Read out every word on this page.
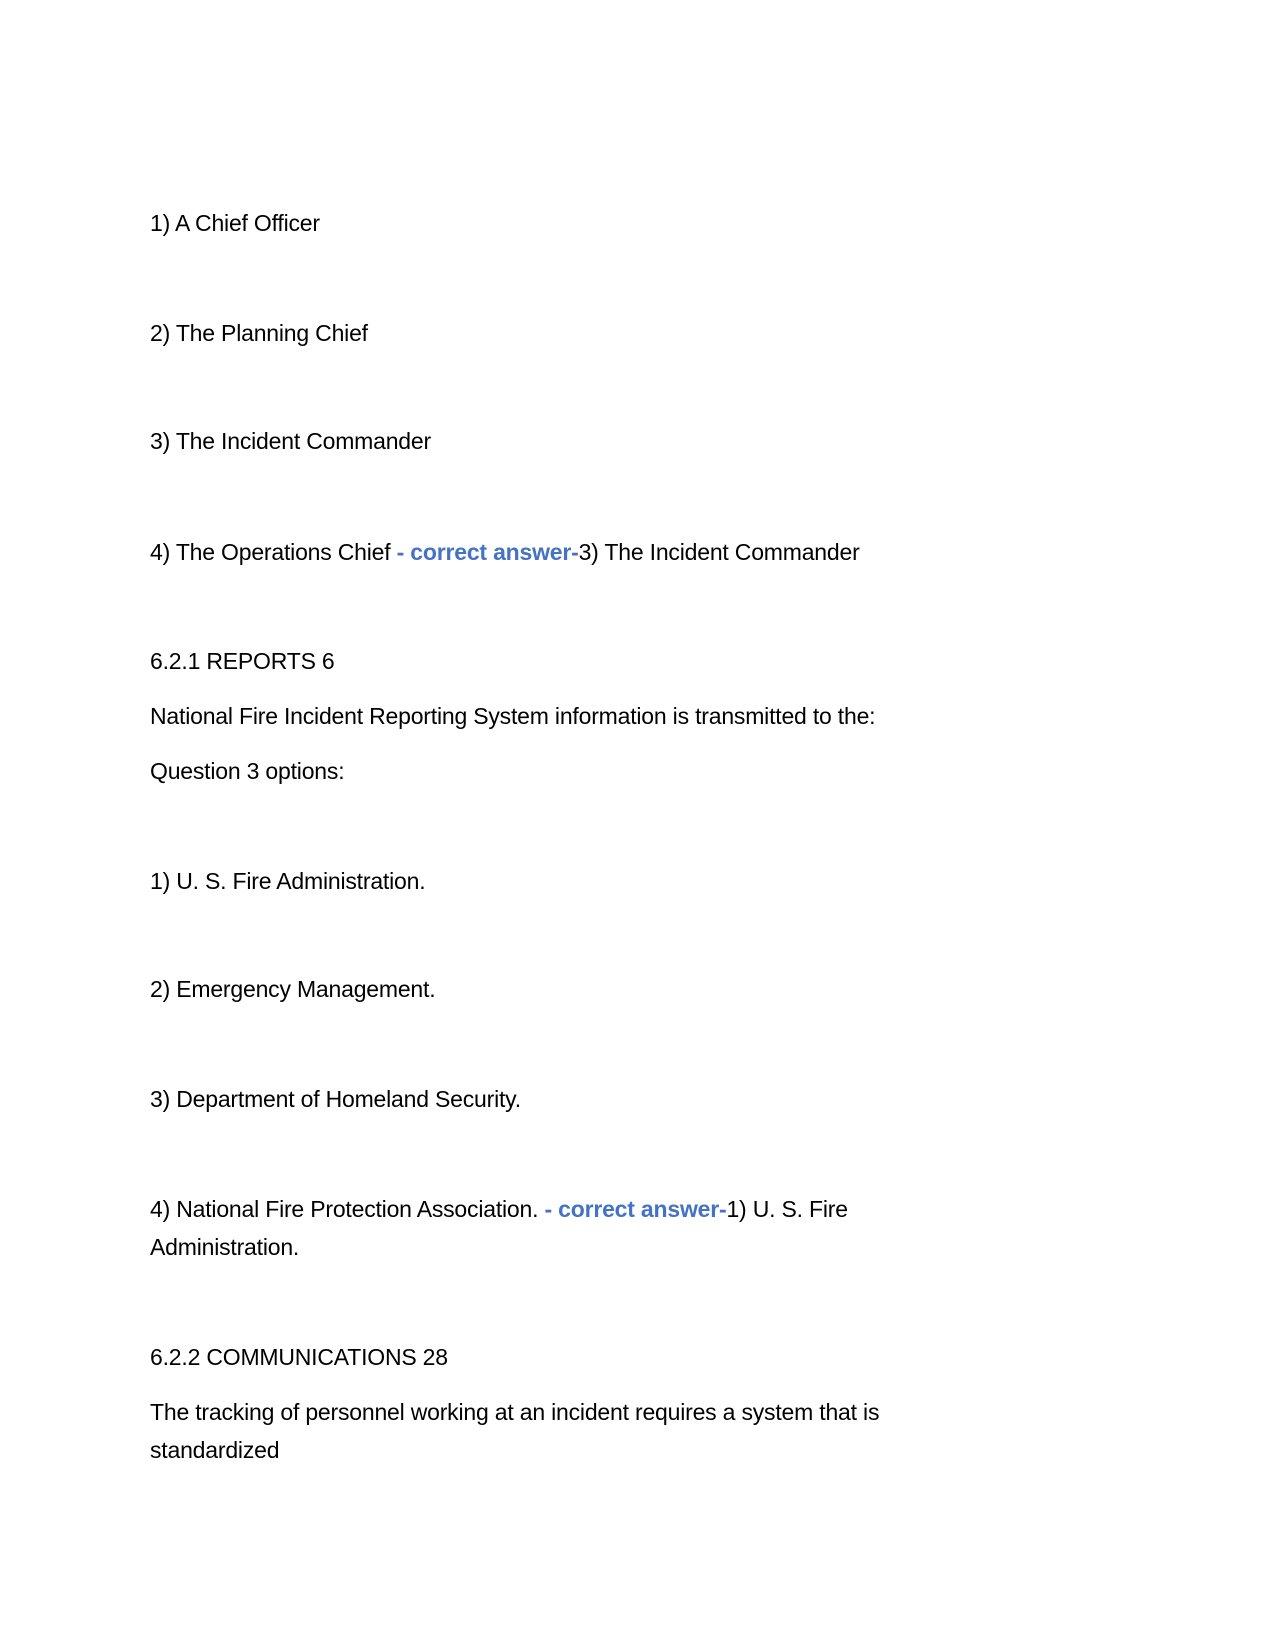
1) A Chief Officer
2) The Planning Chief
3) The Incident Commander
4) The Operations Chief - correct answer-3) The Incident Commander
6.2.1 REPORTS 6
National Fire Incident Reporting System information is transmitted to the:
Question 3 options:
1) U. S. Fire Administration.
2) Emergency Management.
3) Department of Homeland Security.
4) National Fire Protection Association. - correct answer-1) U. S. Fire
Administration.
6.2.2 COMMUNICATIONS 28
The tracking of personnel working at an incident requires a system that is
standardized
